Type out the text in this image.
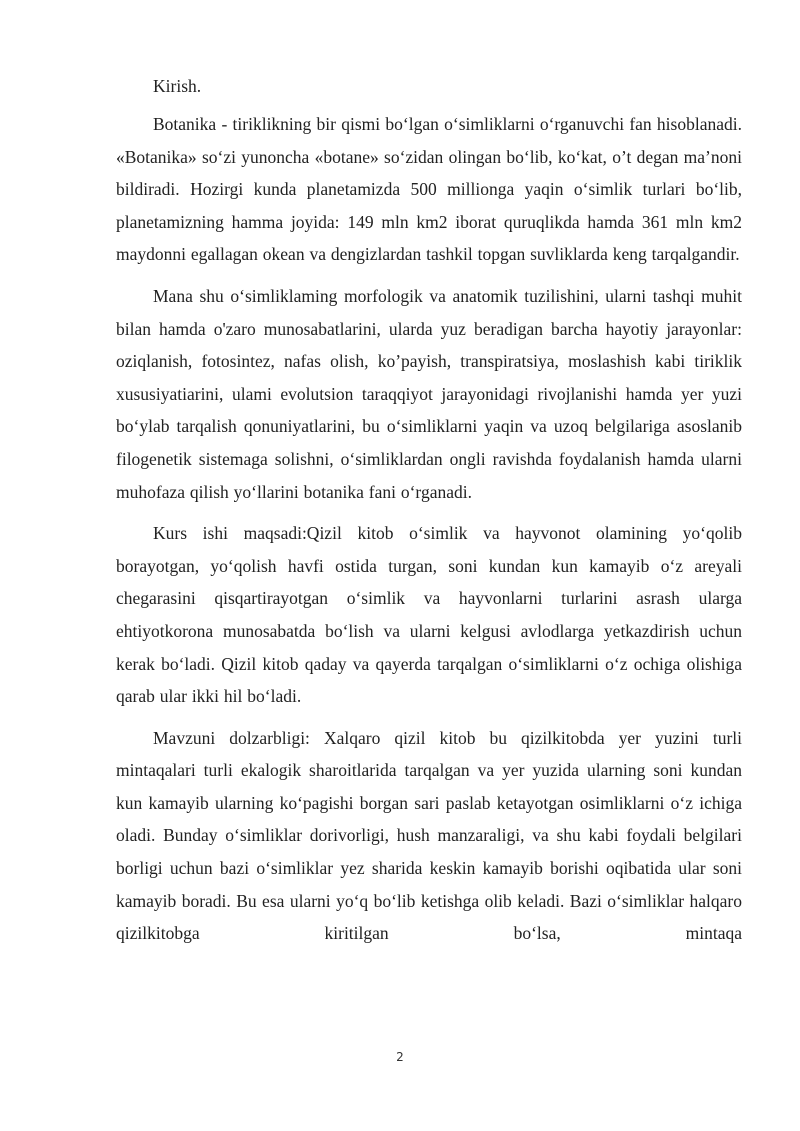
Kirish.

Botanika - tiriklikning bir qismi bo‘lgan o‘simliklarni o‘rganuvchi fan hisoblanadi. «Botanika» so‘zi yunoncha «botane» so‘zidan olingan bo‘lib, ko‘kat, o’t degan ma’noni bildiradi. Hozirgi kunda planetamizda 500 millionga yaqin o‘simlik turlari bo‘lib, planetamizning hamma joyida: 149 mln km2 iborat quruqlikda hamda 361 mln km2 maydonni egallagan okean va dengizlardan tashkil topgan suvliklarda keng tarqalgandir.

Mana shu o‘simliklaming morfologik va anatomik tuzilishini, ularni tashqi muhit bilan hamda o'zaro munosabatlarini, ularda yuz beradigan barcha hayotiy jarayonlar: oziqlanish, fotosintez, nafas olish, ko’payish, transpiratsiya, moslashish kabi tiriklik xususiyatiarini, ulami evolutsion taraqqiyot jarayonidagi rivojlanishi hamda yer yuzi bo‘ylab tarqalish qonuniyatlarini, bu o‘simliklarni yaqin va uzoq belgilariga asoslanib filogenetik sistemaga solishni, o‘simliklardan ongli ravishda foydalanish hamda ularni muhofaza qilish yo‘llarini botanika fani o‘rganadi.

Kurs ishi maqsadi:Qizil kitob o‘simlik va hayvonot olamining yo‘qolib borayotgan, yo‘qolish havfi ostida turgan, soni kundan kun kamayib o‘z areyali chegarasini qisqartirayotgan o‘simlik va hayvonlarni turlarini asrash ularga ehtiyotkorona munosabatda bo‘lish va ularni kelgusi avlodlarga yetkazdirish uchun kerak bo‘ladi. Qizil kitob qaday va qayerda tarqalgan o‘simliklarni o‘z ochiga olishiga qarab ular ikki hil bo‘ladi.

Mavzuni dolzarbligi: Xalqaro qizil kitob bu qizilkitobda yer yuzini turli mintaqalari turli ekalogik sharoitlarida tarqalgan va yer yuzida ularning soni kundan kun kamayib ularning ko‘pagishi borgan sari paslab ketayotgan osimliklarni o‘z ichiga oladi. Bunday o‘simliklar dorivorligi, hush manzaraligi, va shu kabi foydali belgilari borligi uchun bazi o‘simliklar yez sharida keskin kamayib borishi oqibatida ular soni kamayib boradi. Bu esa ularni yo‘q bo‘lib ketishga olib keladi. Bazi o‘simliklar halqaro qizilkitobga kiritilgan bo‘lsa, mintaqa

2
